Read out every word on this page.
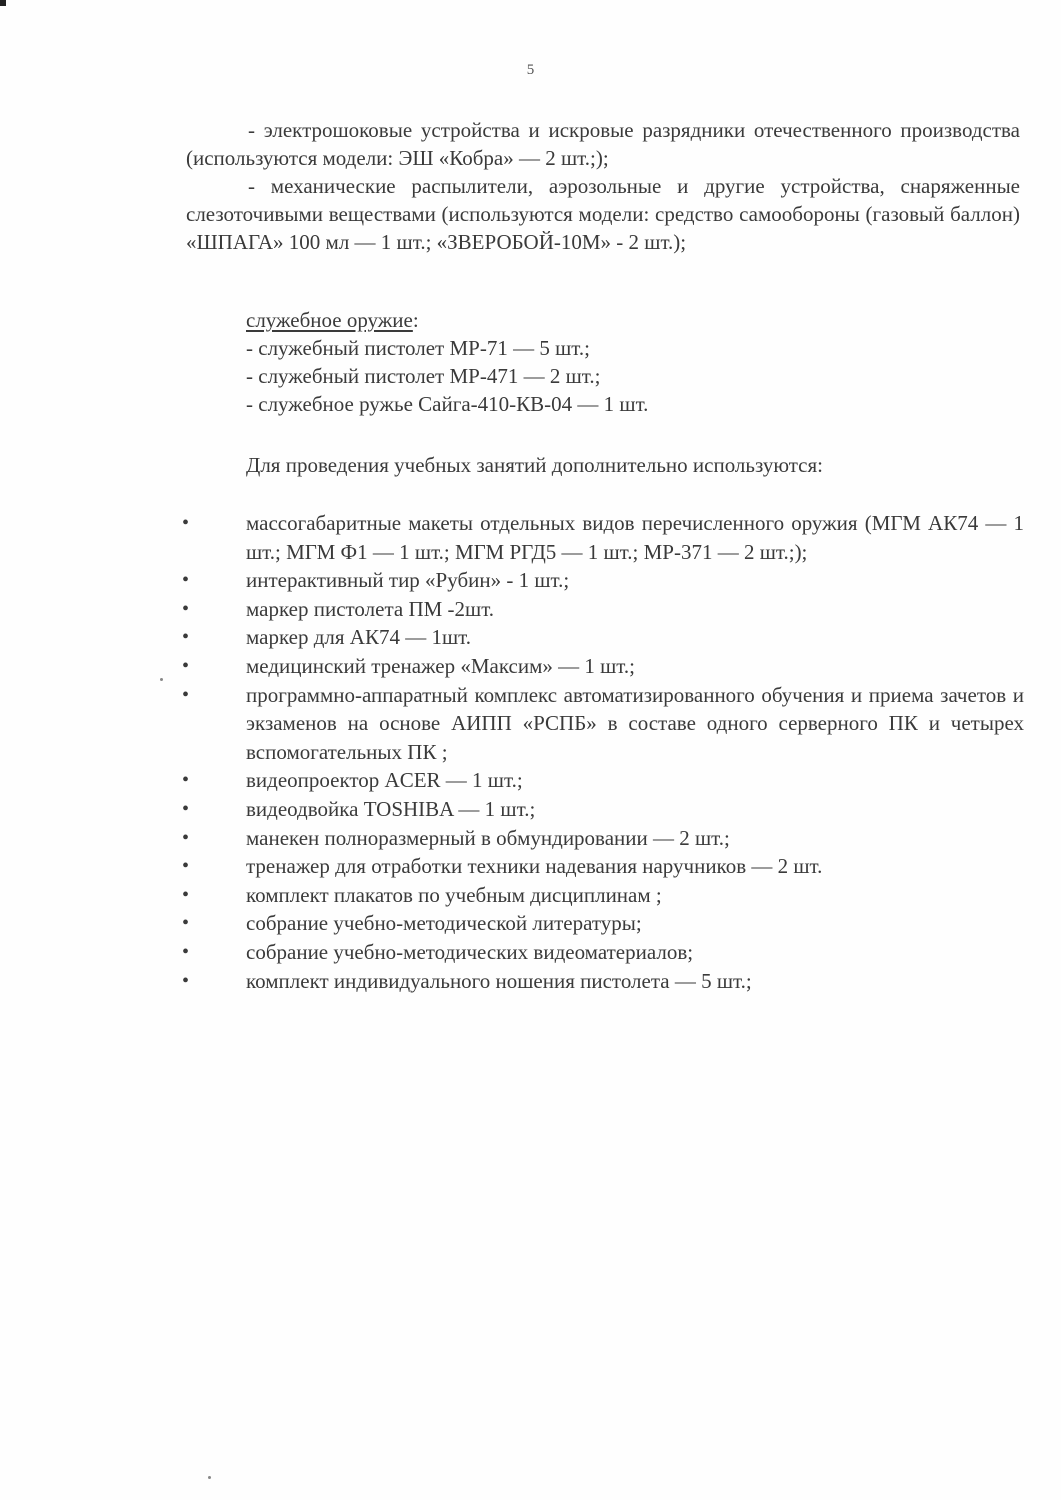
5

- электрошоковые устройства и искровые разрядники отечественного производства (используются модели: ЭШ «Кобра» — 2 шт.;);

- механические распылители, аэрозольные и другие устройства, снаряженные слезоточивыми веществами (используются модели: средство самообороны (газовый баллон) «ШПАГА» 100 мл — 1 шт.; «ЗВЕРОБОЙ-10М» - 2 шт.);

служебное оружие:

- служебный пистолет МР-71 — 5 шт.;

- служебный пистолет МР-471 — 2 шт.;

- служебное ружье Сайга-410-КВ-04 — 1 шт.

Для проведения учебных занятий дополнительно используются:
•	массогабаритные макеты отдельных видов перечисленного оружия (МГМ АК74 — 1 шт.; МГМ Ф1 — 1 шт.; МГМ РГД5 — 1 шт.; МР-371 — 2 шт.;);
•	интерактивный тир «Рубин» - 1 шт.;
•	маркер пистолета ПМ -2шт.
•	маркер для АК74 — 1шт.
•	медицинский тренажер «Максим» — 1 шт.;
•	программно-аппаратный комплекс автоматизированного обучения и приема зачетов и экзаменов на основе АИПП «РСПБ» в составе одного серверного ПК и четырех вспомогательных ПК ;
•	видеопроектор ACER — 1 шт.;
•	видеодвойка TOSHIBA — 1 шт.;
•	манекен полноразмерный в обмундировании — 2 шт.;
•	тренажер для отработки техники надевания наручников — 2 шт.
•	комплект плакатов по учебным дисциплинам ;
•	собрание учебно-методической литературы;
•	собрание учебно-методических видеоматериалов;
•	комплект индивидуального ношения пистолета — 5 шт.;
